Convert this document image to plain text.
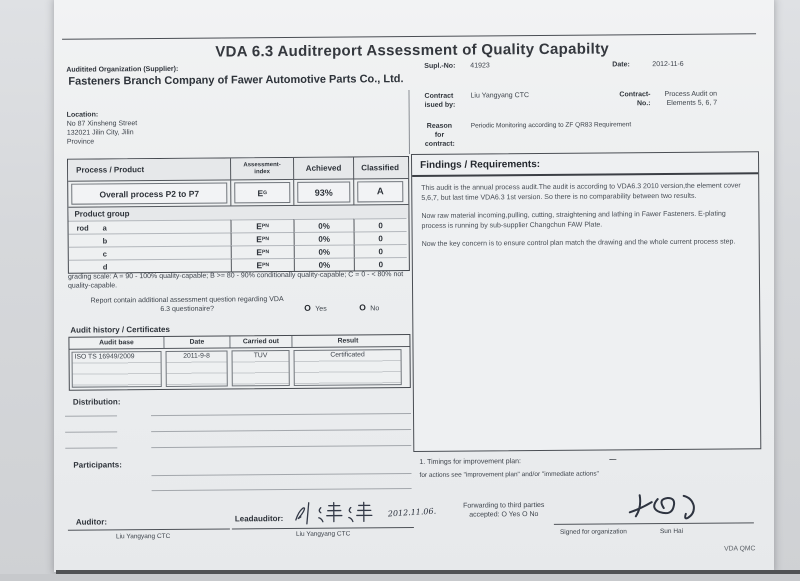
VDA 6.3 Auditreport Assessment of Quality Capabilty
Auditited Organization (Supplier):
Fasteners Branch Company of Fawer Automotive Parts Co., Ltd.
Location:
No 87 Xinsheng Street
132021 Jilin City, Jilin
Province
Supl.-No: 41923	Date:	2012-11-6
Contract
isued by:
Liu Yangyang CTC	Contract-
No.:
Process Audit on
Elements 5, 6, 7
Reason
for
contract:
Periodic Monitoring according to ZF QR83 Requirement
Process / Product
Assessment-
index	Achieved	Classified
Overall process P2 to P7	E G	93%	A
Product group
rod	a	E PN	0%	0
b	E PN	0%	0
c	E PN	0%	0
d	E PN	0%	0
grading scale: A = 90 - 100% quality-capable; B >= 80 - 90% conditionally quality-capable; C = 0 - < 80% not quality-capable.
Report contain additional assessment question regarding VDA
6.3 questionaire?	O Yes	O No
Audit history / Certificates
Audit base	Date	Carried out	Result
ISO TS 16949/2009	2011-9-8	TUV	Certificated
Distribution:
Participants:
Auditor:
Liu Yangyang CTC
Leadauditor:
2012.11.06.
Liu Yangyang CTC
Findings / Requirements:

This audit is the annual process audit.The audit is according to VDA6.3 2010 version,the element cover 5,6,7, but last time VDA6.3 1st version. So there is no comparability between two results.

Now raw material incoming,pulling, cutting, straightening and lathing in Fawer Fasteners. E-plating process is running by sub-supplier Changchun FAW Plate.

Now the key concern is to ensure control plan match the drawing and the whole current process step.

1. Timings for improvement plan:	—
for actions see "improvement plan" and/or "immediate actions"
Forwarding to third parties
accepted: O Yes O No
Signed for organization	Sun Hai
VDA QMC
